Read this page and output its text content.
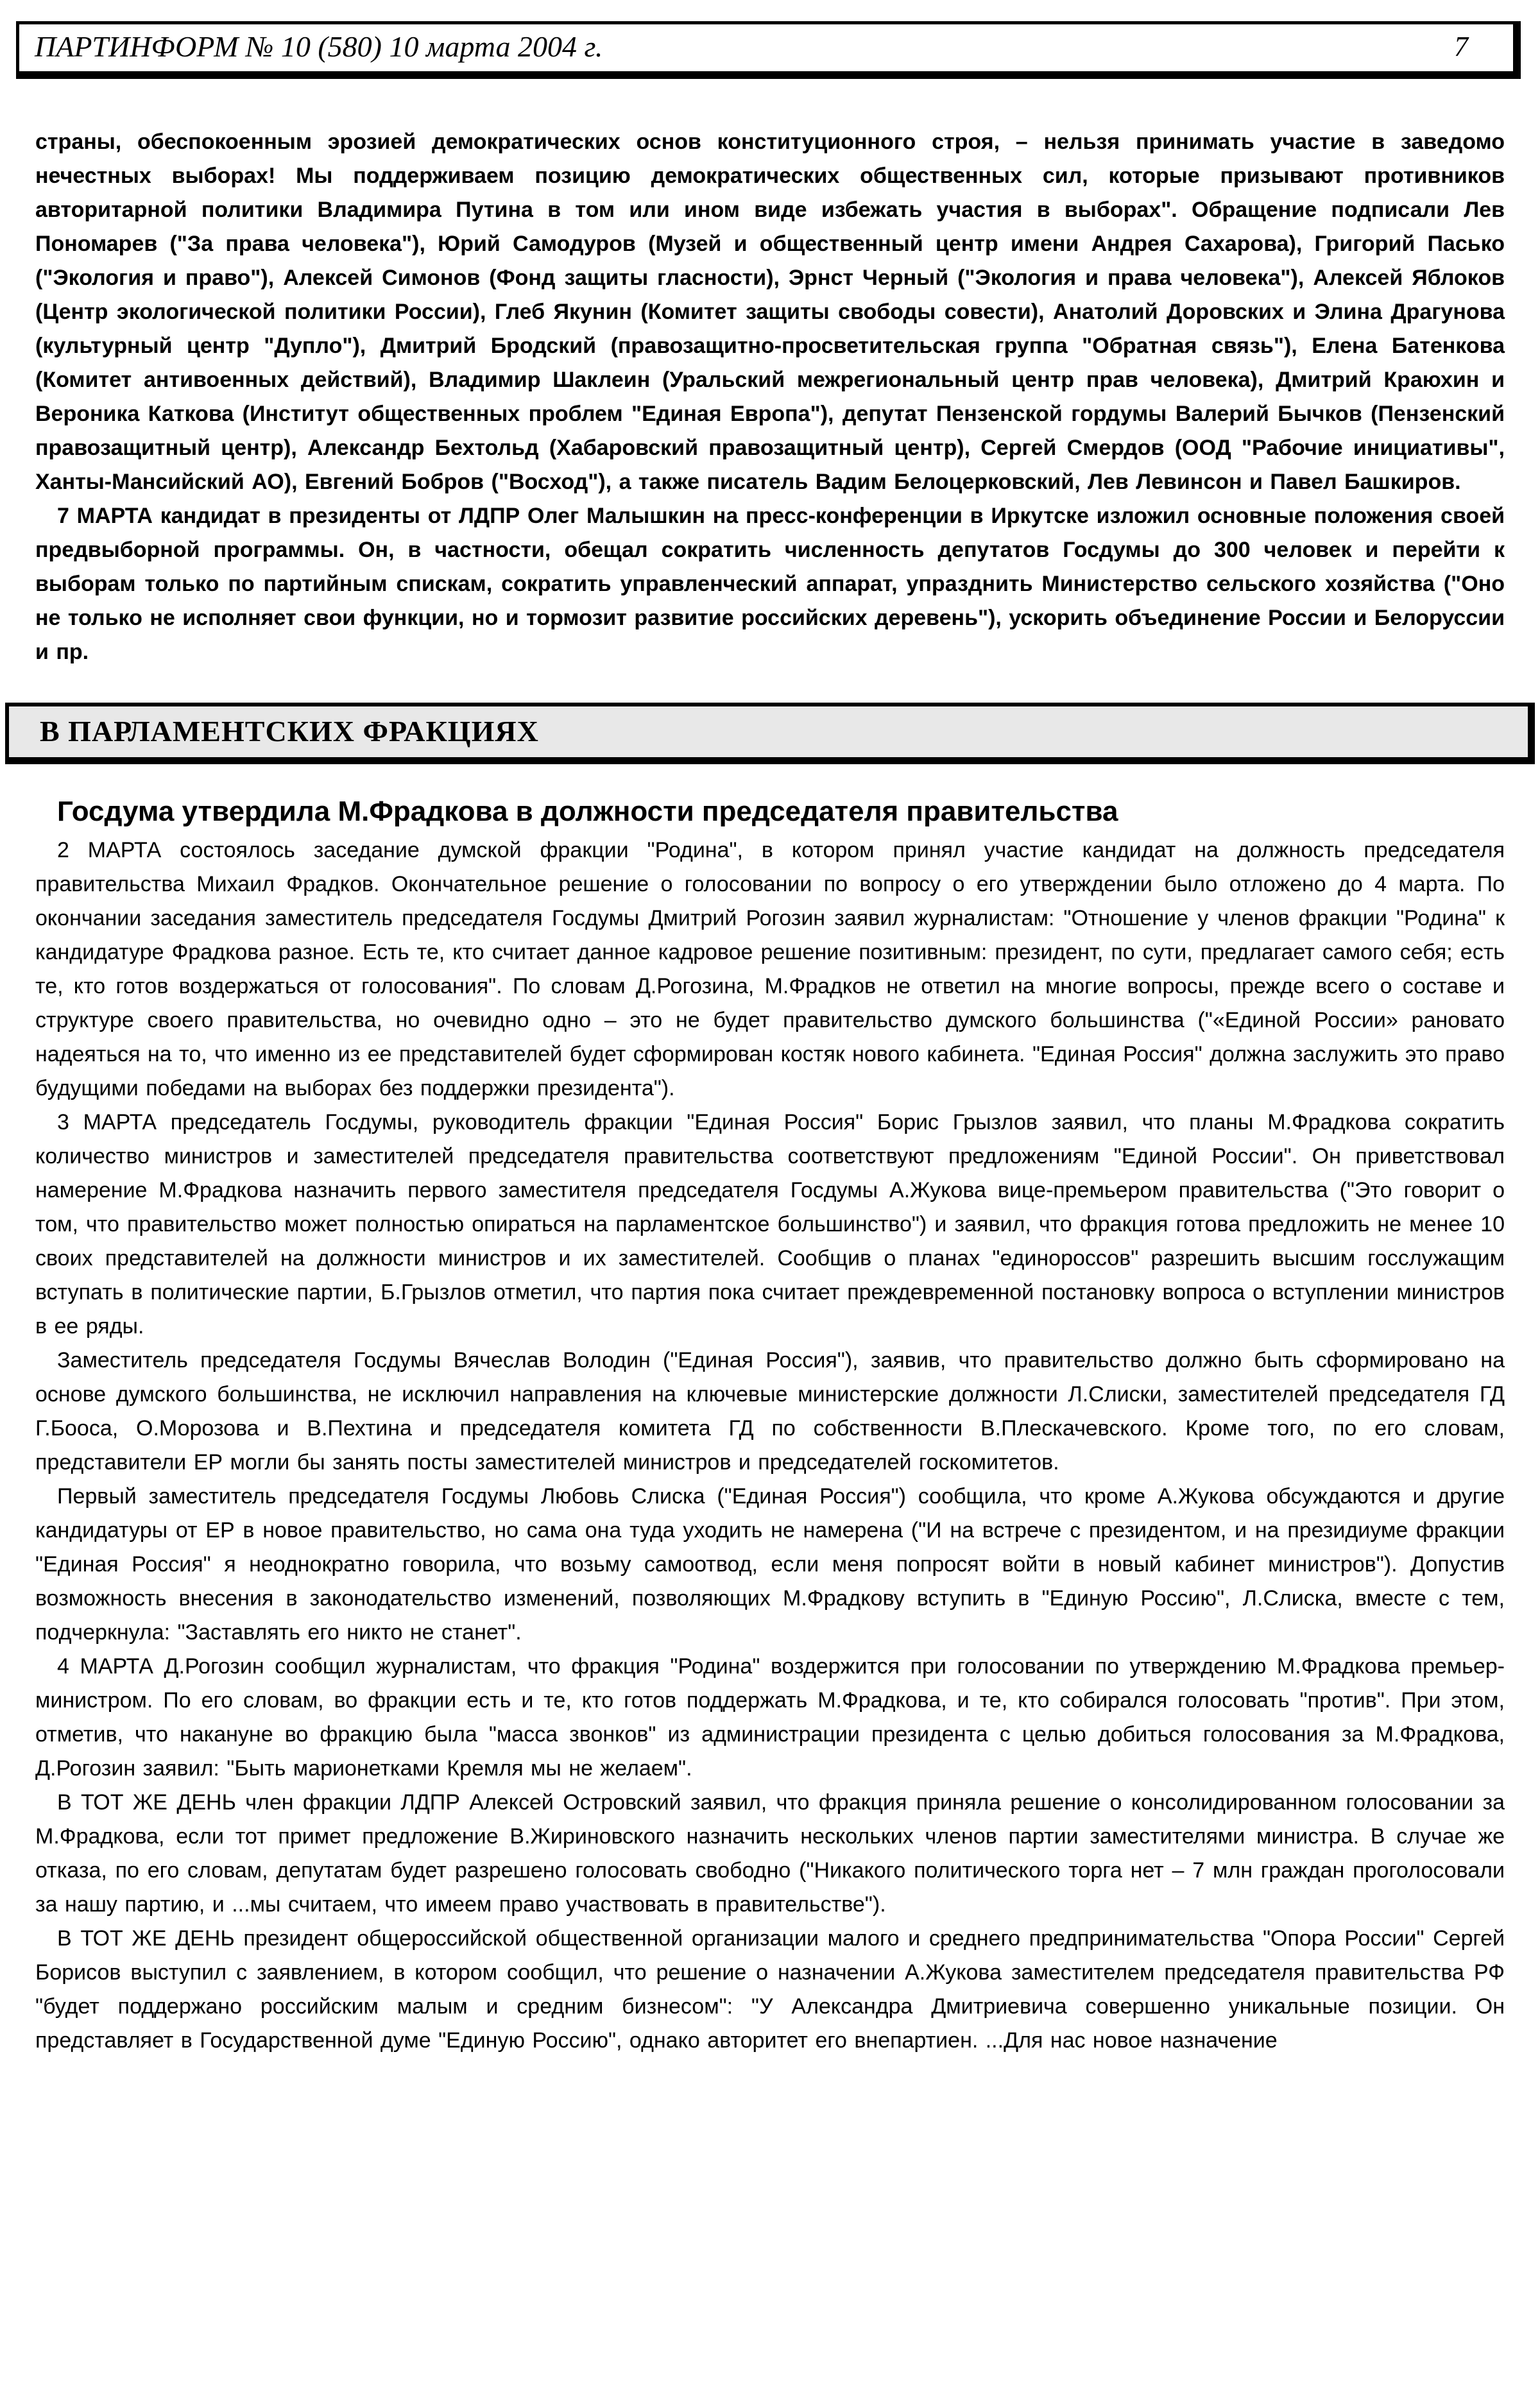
ПАРТИНФОРМ № 10 (580) 10 марта 2004 г.	7

страны, обеспокоенным эрозией демократических основ конституционного строя, – нельзя принимать участие в заведомо нечестных выборах! Мы поддерживаем позицию демократических общественных сил, которые призывают противников авторитарной политики Владимира Путина в том или ином виде избежать участия в выборах". Обращение подписали Лев Пономарев ("За права человека"), Юрий Самодуров (Музей и общественный центр имени Андрея Сахарова), Григорий Пасько ("Экология и право"), Алексей Симонов (Фонд защиты гласности), Эрнст Черный ("Экология и права человека"), Алексей Яблоков (Центр экологической политики России), Глеб Якунин (Комитет защиты свободы совести), Анатолий Доровских и Элина Драгунова (культурный центр "Дупло"), Дмитрий Бродский (правозащитно-просветительская группа "Обратная связь"), Елена Батенкова (Комитет антивоенных действий), Владимир Шаклеин (Уральский межрегиональный центр прав человека), Дмитрий Краюхин и Вероника Каткова (Институт общественных проблем "Единая Европа"), депутат Пензенской гордумы Валерий Бычков (Пензенский правозащитный центр), Александр Бехтольд (Хабаровский правозащитный центр), Сергей Смердов (ООД "Рабочие инициативы", Ханты-Мансийский АО), Евгений Бобров ("Восход"), а также писатель Вадим Белоцерковский, Лев Левинсон и Павел Башкиров.

7 МАРТА кандидат в президенты от ЛДПР Олег Малышкин на пресс-конференции в Иркутске изложил основные положения своей предвыборной программы. Он, в частности, обещал сократить численность депутатов Госдумы до 300 человек и перейти к выборам только по партийным спискам, сократить управленческий аппарат, упразднить Министерство сельского хозяйства ("Оно не только не исполняет свои функции, но и тормозит развитие российских деревень"), ускорить объединение России и Белоруссии и пр.

В ПАРЛАМЕНТСКИХ ФРАКЦИЯХ
Госдума утвердила М.Фрадкова в должности председателя правительства

2 МАРТА состоялось заседание думской фракции "Родина", в котором принял участие кандидат на должность председателя правительства Михаил Фрадков. Окончательное решение о голосовании по вопросу о его утверждении было отложено до 4 марта. По окончании заседания заместитель председателя Госдумы Дмитрий Рогозин заявил журналистам: "Отношение у членов фракции "Родина" к кандидатуре Фрадкова разное. Есть те, кто считает данное кадровое решение позитивным: президент, по сути, предлагает самого себя; есть те, кто готов воздержаться от голосования". По словам Д.Рогозина, М.Фрадков не ответил на многие вопросы, прежде всего о составе и структуре своего правительства, но очевидно одно – это не будет правительство думского большинства ("«Единой России» рановато надеяться на то, что именно из ее представителей будет сформирован костяк нового кабинета. "Единая Россия" должна заслужить это право будущими победами на выборах без поддержки президента").

3 МАРТА председатель Госдумы, руководитель фракции "Единая Россия" Борис Грызлов заявил, что планы М.Фрадкова сократить количество министров и заместителей председателя правительства соответствуют предложениям "Единой России". Он приветствовал намерение М.Фрадкова назначить первого заместителя председателя Госдумы А.Жукова вице-премьером правительства ("Это говорит о том, что правительство может полностью опираться на парламентское большинство") и заявил, что фракция готова предложить не менее 10 своих представителей на должности министров и их заместителей. Сообщив о планах "единороссов" разрешить высшим госслужащим вступать в политические партии, Б.Грызлов отметил, что партия пока считает преждевременной постановку вопроса о вступлении министров в ее ряды.

Заместитель председателя Госдумы Вячеслав Володин ("Единая Россия"), заявив, что правительство должно быть сформировано на основе думского большинства, не исключил направления на ключевые министерские должности Л.Слиски, заместителей председателя ГД Г.Бооса, О.Морозова и В.Пехтина и председателя комитета ГД по собственности В.Плескачевского. Кроме того, по его словам, представители ЕР могли бы занять посты заместителей министров и председателей госкомитетов.

Первый заместитель председателя Госдумы Любовь Слиска ("Единая Россия") сообщила, что кроме А.Жукова обсуждаются и другие кандидатуры от ЕР в новое правительство, но сама она туда уходить не намерена ("И на встрече с президентом, и на президиуме фракции "Единая Россия" я неоднократно говорила, что возьму самоотвод, если меня попросят войти в новый кабинет министров"). Допустив возможность внесения в законодательство изменений, позволяющих М.Фрадкову вступить в "Единую Россию", Л.Слиска, вместе с тем, подчеркнула: "Заставлять его никто не станет".

4 МАРТА Д.Рогозин сообщил журналистам, что фракция "Родина" воздержится при голосовании по утверждению М.Фрадкова премьер-министром. По его словам, во фракции есть и те, кто готов поддержать М.Фрадкова, и те, кто собирался голосовать "против". При этом, отметив, что накануне во фракцию была "масса звонков" из администрации президента с целью добиться голосования за М.Фрадкова, Д.Рогозин заявил: "Быть марионетками Кремля мы не желаем".

В ТОТ ЖЕ ДЕНЬ член фракции ЛДПР Алексей Островский заявил, что фракция приняла решение о консолидированном голосовании за М.Фрадкова, если тот примет предложение В.Жириновского назначить нескольких членов партии заместителями министра. В случае же отказа, по его словам, депутатам будет разрешено голосовать свободно ("Никакого политического торга нет – 7 млн граждан проголосовали за нашу партию, и ...мы считаем, что имеем право участвовать в правительстве").

В ТОТ ЖЕ ДЕНЬ президент общероссийской общественной организации малого и среднего предпринимательства "Опора России" Сергей Борисов выступил с заявлением, в котором сообщил, что решение о назначении А.Жукова заместителем председателя правительства РФ "будет поддержано российским малым и средним бизнесом": "У Александра Дмитриевича совершенно уникальные позиции. Он представляет в Государственной думе "Единую Россию", однако авторитет его внепартиен. ...Для нас новое назначение
